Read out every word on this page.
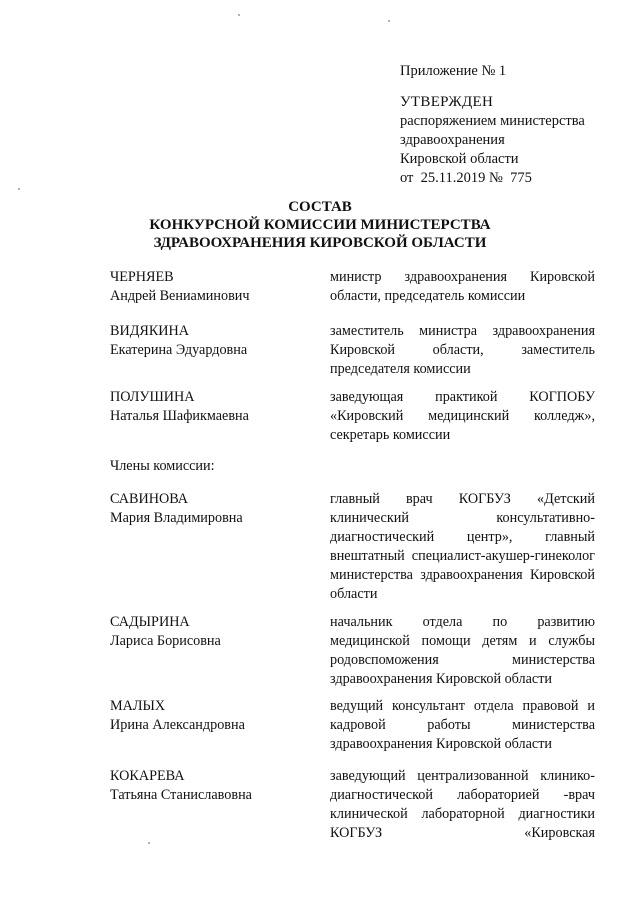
Приложение № 1
УТВЕРЖДЕН
распоряжением министерства
здравоохранения
Кировской области
от  25.11.2019 №  775
СОСТАВ
КОНКУРСНОЙ КОМИССИИ МИНИСТЕРСТВА
ЗДРАВООХРАНЕНИЯ КИРОВСКОЙ ОБЛАСТИ
ЧЕРНЯЕВ
Андрей Вениаминович
министр здравоохранения Кировской области, председатель комиссии
ВИДЯКИНА
Екатерина Эдуардовна
заместитель министра здравоохранения Кировской области, заместитель председателя комиссии
ПОЛУШИНА
Наталья Шафикмаевна
заведующая практикой КОГПОБУ «Кировский медицинский колледж», секретарь комиссии
Члены комиссии:
САВИНОВА
Мария Владимировна
главный врач КОГБУЗ «Детский клинический консультативно-диагностический центр», главный внештатный специалист-акушер-гинеколог министерства здравоохранения Кировской области
САДЫРИНА
Лариса Борисовна
начальник отдела по развитию медицинской помощи детям и службы родовспоможения министерства здравоохранения Кировской области
МАЛЫХ
Ирина Александровна
ведущий консультант отдела правовой и кадровой работы министерства здравоохранения Кировской области
КОКАРЕВА
Татьяна Станиславовна
заведующий централизованной клинико-диагностической лабораторией -врач клинической лабораторной диагностики КОГБУЗ «Кировская
